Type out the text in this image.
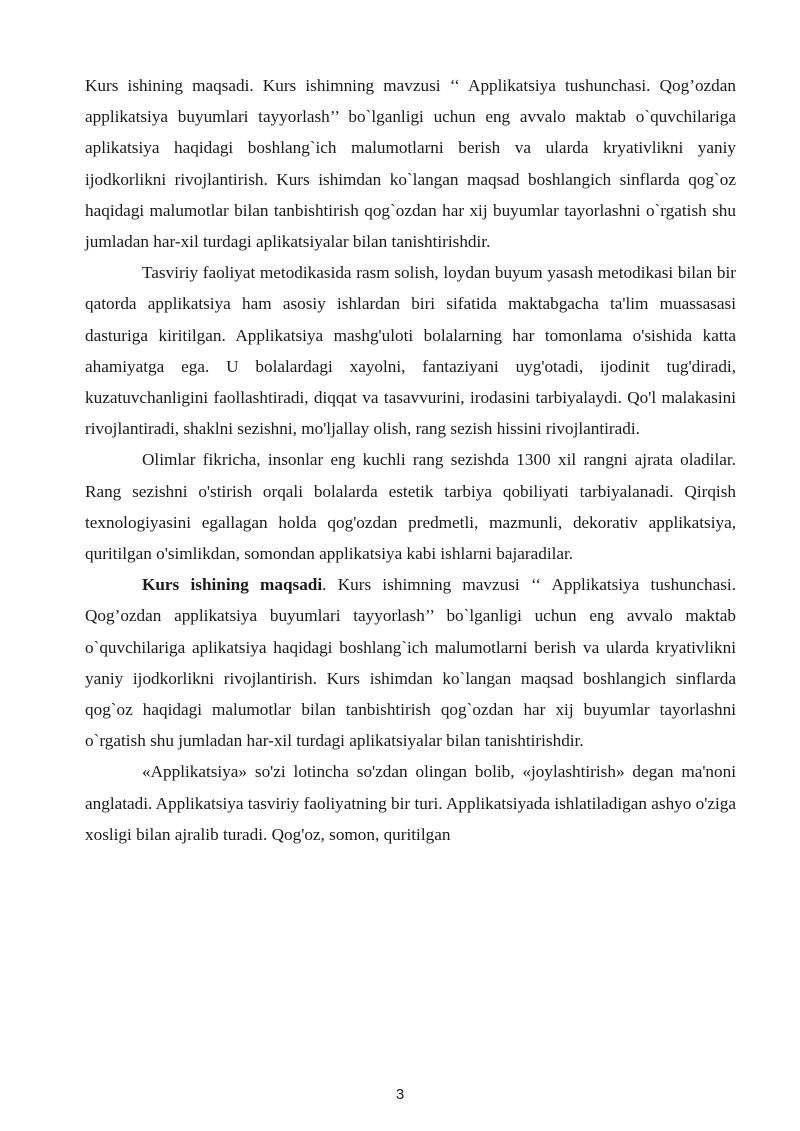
Kurs ishining maqsadi. Kurs ishimning mavzusi ‘‘ Applikatsiya tushunchasi. Qog’ozdan applikatsiya buyumlari tayyorlash’’ bo`lganligi uchun eng avvalo maktab o`quvchilariga aplikatsiya haqidagi boshlang`ich malumotlarni berish va ularda kryativlikni yaniy ijodkorlikni rivojlantirish. Kurs ishimdan ko`langan maqsad boshlangich sinflarda qog`oz haqidagi malumotlar bilan tanbishtirish qog`ozdan har xij buyumlar tayorlashni o`rgatish shu jumladan har-xil turdagi aplikatsiyalar bilan tanishtirishdir.

Tasviriy faoliyat metodikasida rasm solish, loydan buyum yasash metodikasi bilan bir qatorda applikatsiya ham asosiy ishlardan biri sifatida maktabgacha ta'lim muassasasi dasturiga kiritilgan. Applikatsiya mashg'uloti bolalarning har tomonlama o'sishida katta ahamiyatga ega. U bolalardagi xayolni, fantaziyani uyg'otadi, ijodinit tug'diradi, kuzatuvchanligini faollashtiradi, diqqat va tasavvurini, irodasini tarbiyalaydi. Qo'l malakasini rivojlantiradi, shaklni sezishni, mo'ljallay olish, rang sezish hissini rivojlantiradi.

Olimlar fikricha, insonlar eng kuchli rang sezishda 1300 xil rangni ajrata oladilar. Rang sezishni o'stirish orqali bolalarda estetik tarbiya qobiliyati tarbiyalanadi. Qirqish texnologiyasini egallagan holda qog'ozdan predmetli, mazmunli, dekorativ applikatsiya, quritilgan o'simlikdan, somondan applikatsiya kabi ishlarni bajaradilar.

Kurs ishining maqsadi. Kurs ishimning mavzusi ‘‘ Applikatsiya tushunchasi. Qog’ozdan applikatsiya buyumlari tayyorlash’’ bo`lganligi uchun eng avvalo maktab o`quvchilariga aplikatsiya haqidagi boshlang`ich malumotlarni berish va ularda kryativlikni yaniy ijodkorlikni rivojlantirish. Kurs ishimdan ko`langan maqsad boshlangich sinflarda qog`oz haqidagi malumotlar bilan tanbishtirish qog`ozdan har xij buyumlar tayorlashni o`rgatish shu jumladan har-xil turdagi aplikatsiyalar bilan tanishtirishdir.

«Applikatsiya» so'zi lotincha so'zdan olingan bolib, «joylashtirish» degan ma'noni anglatadi. Applikatsiya tasviriy faoliyatning bir turi. Applikatsiyada ishlatiladigan ashyo o'ziga xosligi bilan ajralib turadi. Qog'oz, somon, quritilgan

3
